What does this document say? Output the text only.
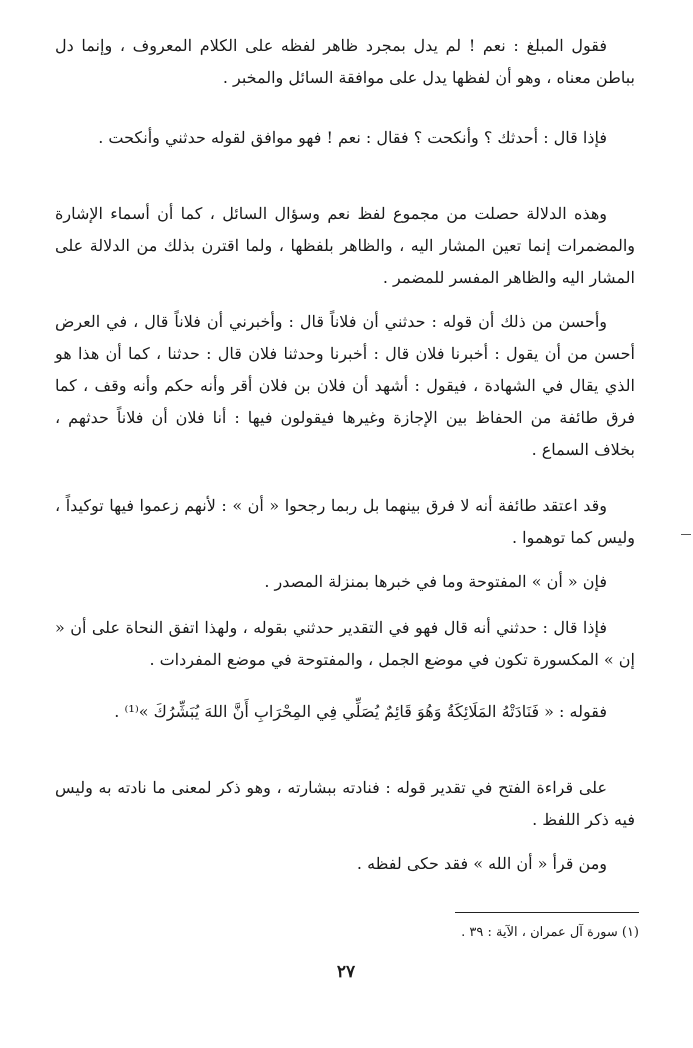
فقول المبلغ : نعم ! لم يدل بمجرد ظاهر لفظه على الكلام المعروف ، وإنما دل بباطن معناه ، وهو أن لفظها يدل على موافقة السائل والمخبر .

فإذا قال : أحدثك ؟ وأنكحت ؟ فقال : نعم ! فهو موافق لقوله حدثني وأنكحت .

وهذه الدلالة حصلت من مجموع لفظ نعم وسؤال السائل ، كما أن أسماء الإشارة والمضمرات إنما تعين المشار اليه ، والظاهر بلفظها ، ولما اقترن بذلك من الدلالة على المشار اليه والظاهر المفسر للمضمر .

وأحسن من ذلك أن قوله : حدثني أن فلاناً قال : وأخبرني أن فلاناً قال ، في العرض أحسن من أن يقول : أخبرنا فلان قال : أخبرنا وحدثنا فلان قال : حدثنا ، كما أن هذا هو الذي يقال في الشهادة ، فيقول : أشهد أن فلان بن فلان أقر وأنه حكم وأنه وقف ، كما فرق طائفة من الحفاظ بين الإجازة وغيرها فيقولون فيها : أنا فلان أن فلاناً حدثهم ، بخلاف السماع .

وقد اعتقد طائفة أنه لا فرق بينهما بل ربما رجحوا « أن » : لأنهم زعموا فيها توكيداً ، وليس كما توهموا .

فإن « أن » المفتوحة وما في خبرها بمنزلة المصدر .

فإذا قال : حدثني أنه قال فهو في التقدير حدثني بقوله ، ولهذا اتفق النحاة على أن « إن » المكسورة تكون في موضع الجمل ، والمفتوحة في موضع المفردات .

فقوله : « فَنَادَتْهُ المَلَائِكَةُ وَهُوَ قَائِمٌ يُصَلِّي فِي المِحْرَابِ أَنَّ اللهَ يُبَشِّرُكَ »⁽¹⁾ .

على قراءة الفتح في تقدير قوله : فنادته ببشارته ، وهو ذكر لمعنى ما نادته به وليس فيه ذكر اللفظ .

ومن قرأ « أن الله » فقد حكى لفظه .

(١) سورة آل عمران ، الآية : ٣٩ .
٢٧
